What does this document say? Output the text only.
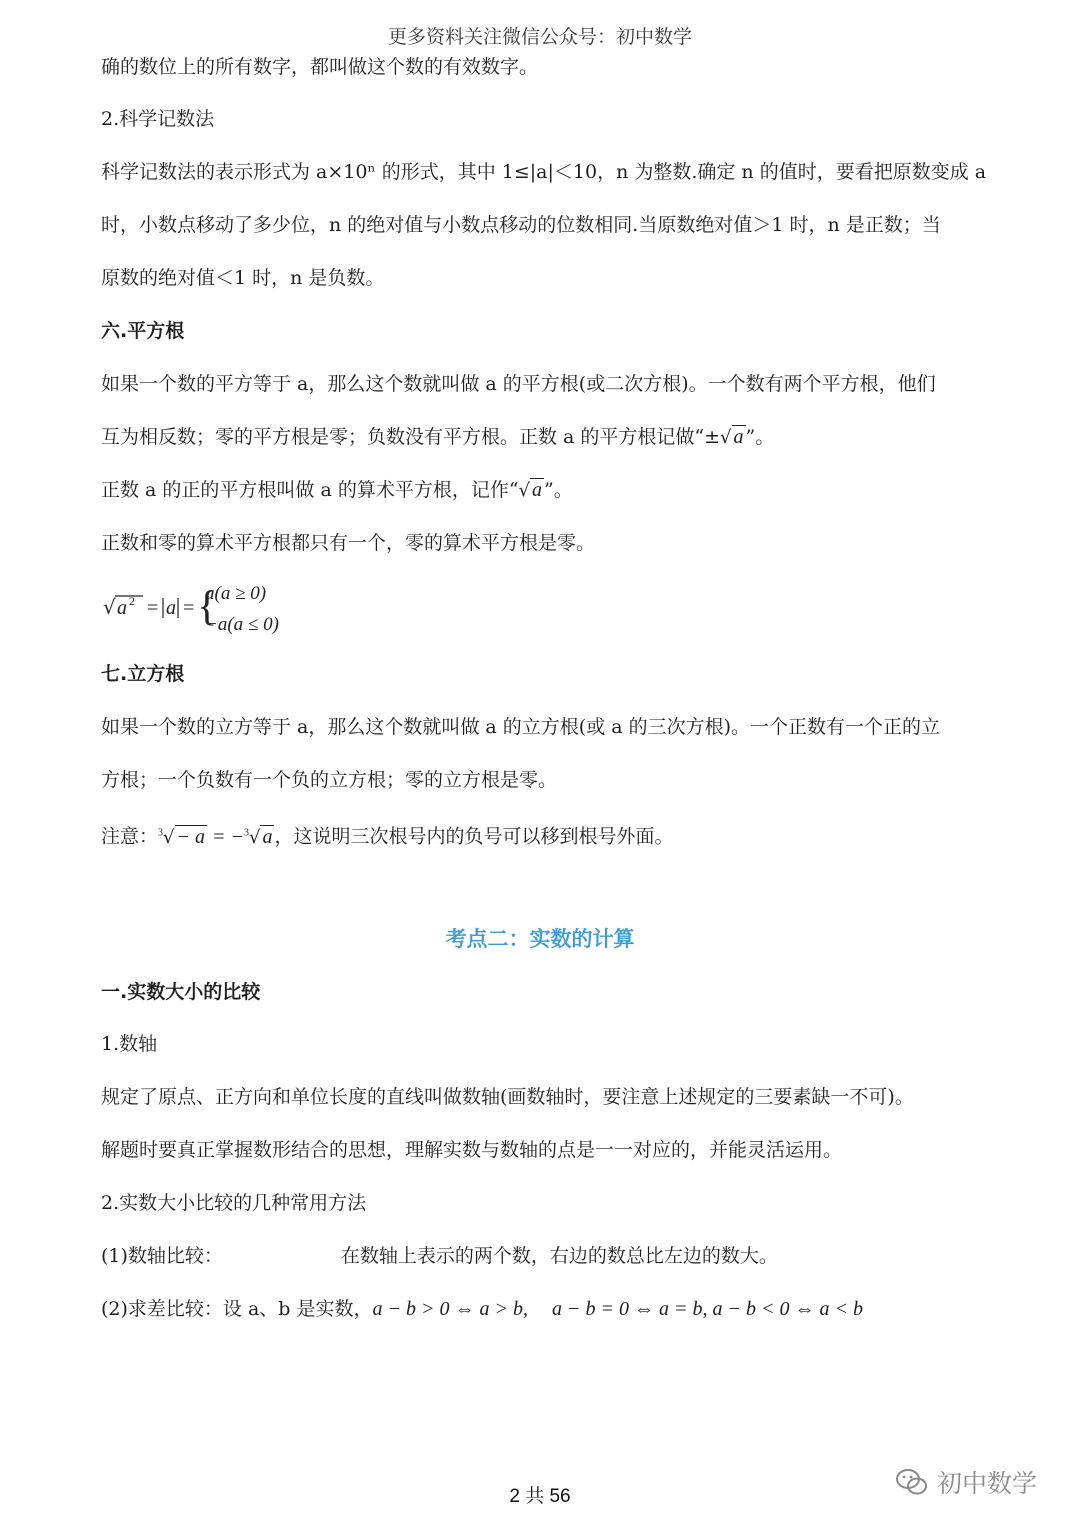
更多资料关注微信公众号：初中数学
确的数位上的所有数字，都叫做这个数的有效数字。
2.科学记数法
科学记数法的表示形式为 a×10ⁿ 的形式，其中 1≤|a|＜10，n 为整数.确定 n 的值时，要看把原数变成 a
时，小数点移动了多少位，n 的绝对值与小数点移动的位数相同.当原数绝对值＞1 时，n 是正数；当
原数的绝对值＜1 时，n 是负数。
六.平方根
如果一个数的平方等于 a，那么这个数就叫做 a 的平方根(或二次方根)。一个数有两个平方根，他们
互为相反数；零的平方根是零；负数没有平方根。正数 a 的平方根记做“±√ a ”。
正数 a 的正的平方根叫做 a 的算术平方根，记作“√ a ”。
正数和零的算术平方根都只有一个，零的算术平方根是零。
√ a 2 = a = {
a(a ≥ 0)
−a(a ≤ 0)
七.立方根
如果一个数的立方等于 a，那么这个数就叫做 a 的立方根(或 a 的三次方根)。一个正数有一个正的立
方根；一个负数有一个负的立方根；零的立方根是零。
注意：$^3$√ − a = −$^3$√ a ，这说明三次根号内的负号可以移到根号外面。
考点二：实数的计算
一.实数大小的比较
1.数轴
规定了原点、正方向和单位长度的直线叫做数轴(画数轴时，要注意上述规定的三要素缺一不可)。
解题时要真正掌握数形结合的思想，理解实数与数轴的点是一一对应的，并能灵活运用。
2.实数大小比较的几种常用方法
(1)数轴比较：	在数轴上表示的两个数，右边的数总比左边的数大。
(2)求差比较：设 a、b 是实数，a − b > 0 ⇔ a > b, a − b = 0 ⇔ a = b, a − b < 0 ⇔ a < b
2 共 56	初中数学
